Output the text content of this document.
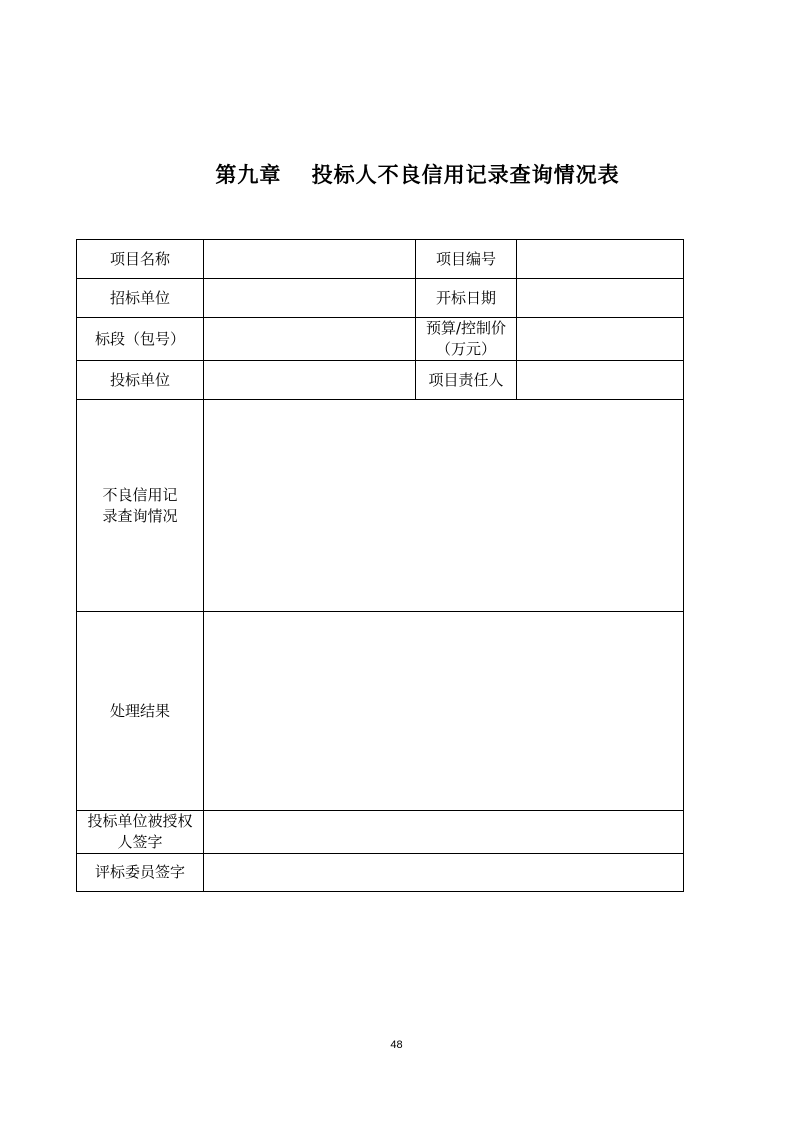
第九章　 投标人不良信用记录查询情况表
项目名称		项目编号	
招标单位		开标日期	
标段（包号）		预算/控制价
（万元）	

投标单位		项目责任人	

不良信用记
录查询情况			

处理结果			

投标单位被授权
人签字			

评标委员签字			
48
